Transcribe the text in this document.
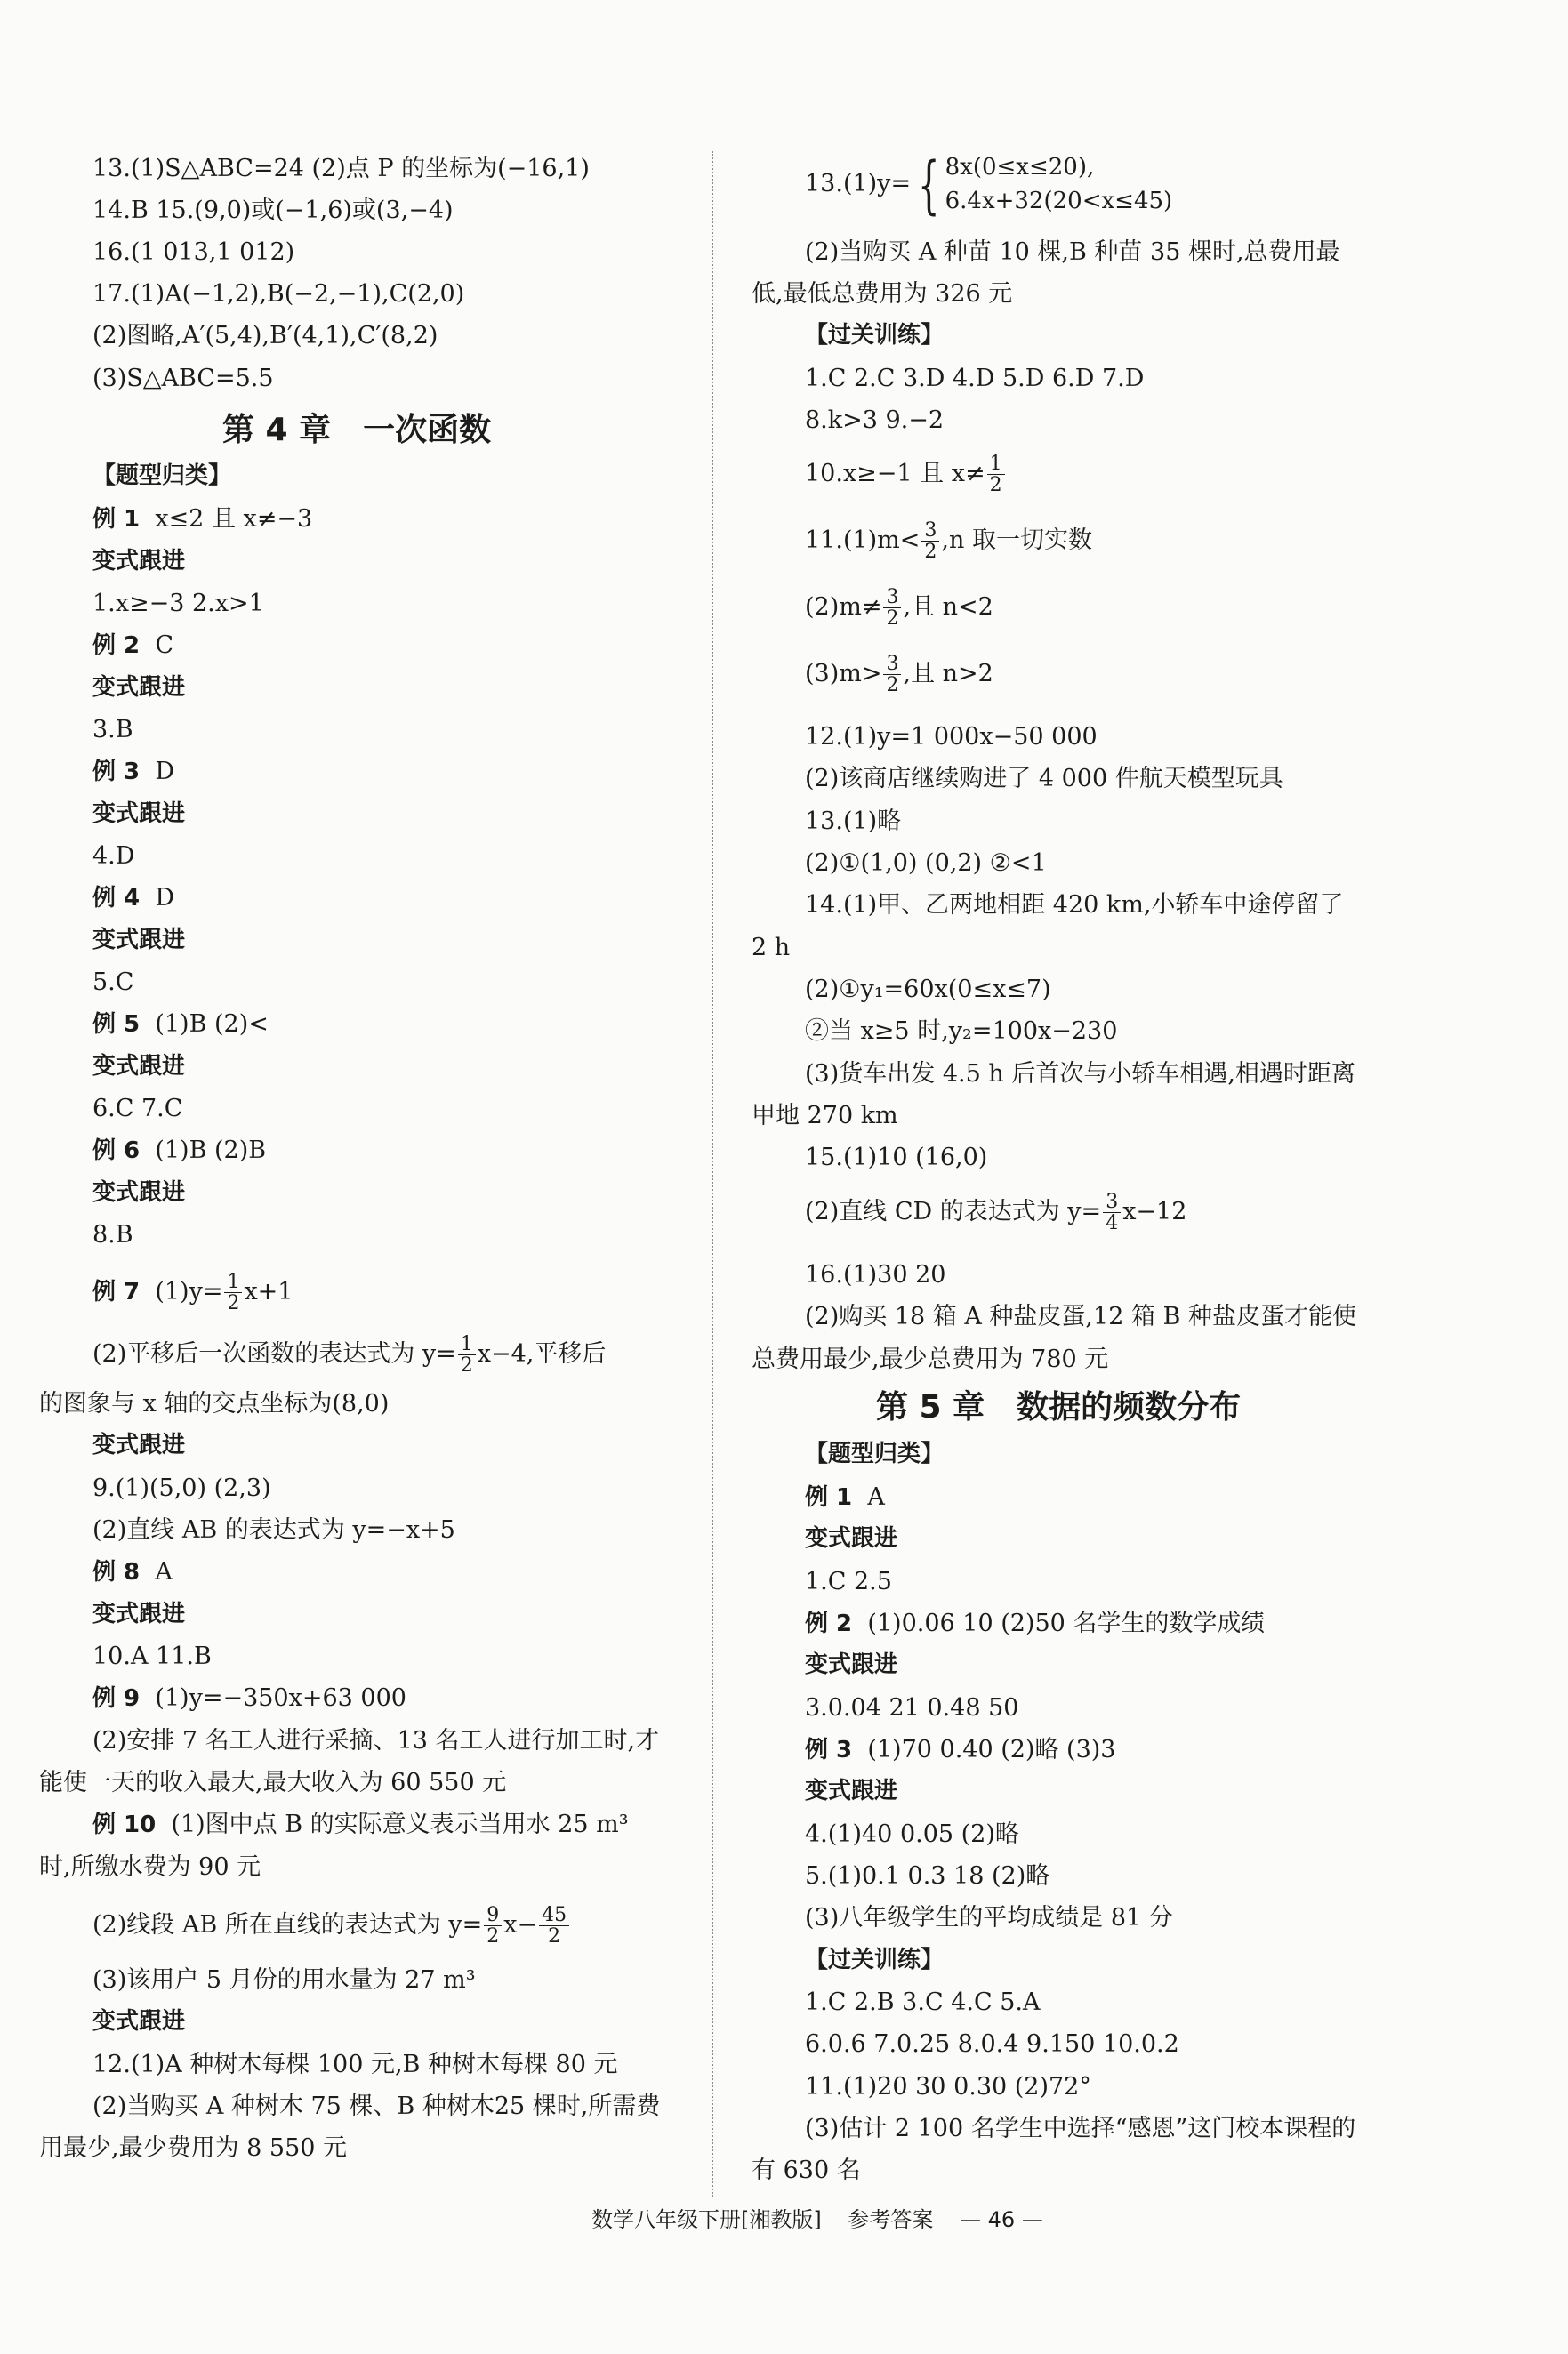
13.(1)S△ABC=24 (2)点 P 的坐标为(−16,1)
14.B 15.(9,0)或(−1,6)或(3,−4)
16.(1 013,1 012)
17.(1)A(−1,2),B(−2,−1),C(2,0)
(2)图略,A′(5,4),B′(4,1),C′(8,2)
(3)S△ABC=5.5
第 4 章　一次函数
【题型归类】
例 1 x≤2 且 x≠−3
变式跟进
1.x≥−3 2.x>1
例 2 C
变式跟进
3.B
例 3 D
变式跟进
4.D
例 4 D
变式跟进
5.C
例 5 (1)B (2)<
变式跟进
6.C 7.C
例 6 (1)B (2)B
变式跟进
8.B
例 7 $(1)y= \frac{1}{2} x+1$
(2)平移后一次函数的表达式为 $y= \frac{1}{2} x-4$,平移后
的图象与 x 轴的交点坐标为(8,0)
变式跟进
9.(1)(5,0) (2,3)
(2)直线 AB 的表达式为 y=−x+5
例 8 A
变式跟进
10.A 11.B
例 9 (1)y=−350x+63 000
(2)安排 7 名工人进行采摘、13 名工人进行加工时,才
能使一天的收入最大,最大收入为 60 550 元
例 10 (1)图中点 B 的实际意义表示当用水 25 m³
时,所缴水费为 90 元
(2)线段 AB 所在直线的表达式为 $y= \frac{9}{2} x- \frac{45}{2}$
(3)该用户 5 月份的用水量为 27 m³
变式跟进
12.(1)A 种树木每棵 100 元,B 种树木每棵 80 元
(2)当购买 A 种树木 75 棵、B 种树木25 棵时,所需费
用最少,最少费用为 8 550 元
13.(1)y= { 8x(0≤x≤20),
6.4x+32(20<x≤45)
(2)当购买 A 种苗 10 棵,B 种苗 35 棵时,总费用最
低,最低总费用为 326 元
【过关训练】
1.C 2.C 3.D 4.D 5.D 6.D 7.D
8.k>3 9.−2
10.x≥−1 且 $x\ne \frac{1}{2}$
$11.(1)m< \frac{3}{2} ,n$ 取一切实数
$(2)m\ne \frac{3}{2}$ ,且 n<2
$(3)m> \frac{3}{2}$ ,且 n>2
12.(1)y=1 000x−50 000
(2)该商店继续购进了 4 000 件航天模型玩具
13.(1)略
(2)①(1,0) (0,2) ②<1
14.(1)甲、乙两地相距 420 km,小轿车中途停留了
2 h
(2)①y₁=60x(0≤x≤7)
②当 x≥5 时,y₂=100x−230
(3)货车出发 4.5 h 后首次与小轿车相遇,相遇时距离
甲地 270 km
15.(1)10 (16,0)
(2)直线 CD 的表达式为 $y= \frac{3}{4} x-12$
16.(1)30 20
(2)购买 18 箱 A 种盐皮蛋,12 箱 B 种盐皮蛋才能使
总费用最少,最少总费用为 780 元
第 5 章　数据的频数分布
【题型归类】
例 1 A
变式跟进
1.C 2.5
例 2 (1)0.06 10 (2)50 名学生的数学成绩
变式跟进
3.0.04 21 0.48 50
例 3 (1)70 0.40 (2)略 (3)3
变式跟进
4.(1)40 0.05 (2)略
5.(1)0.1 0.3 18 (2)略
(3)八年级学生的平均成绩是 81 分
【过关训练】
1.C 2.B 3.C 4.C 5.A
6.0.6 7.0.25 8.0.4 9.150 10.0.2
11.(1)20 30 0.30 (2)72°
(3)估计 2 100 名学生中选择“感恩”这门校本课程的
有 630 名
数学八年级下册[湘教版] 参考答案 — 46 —
